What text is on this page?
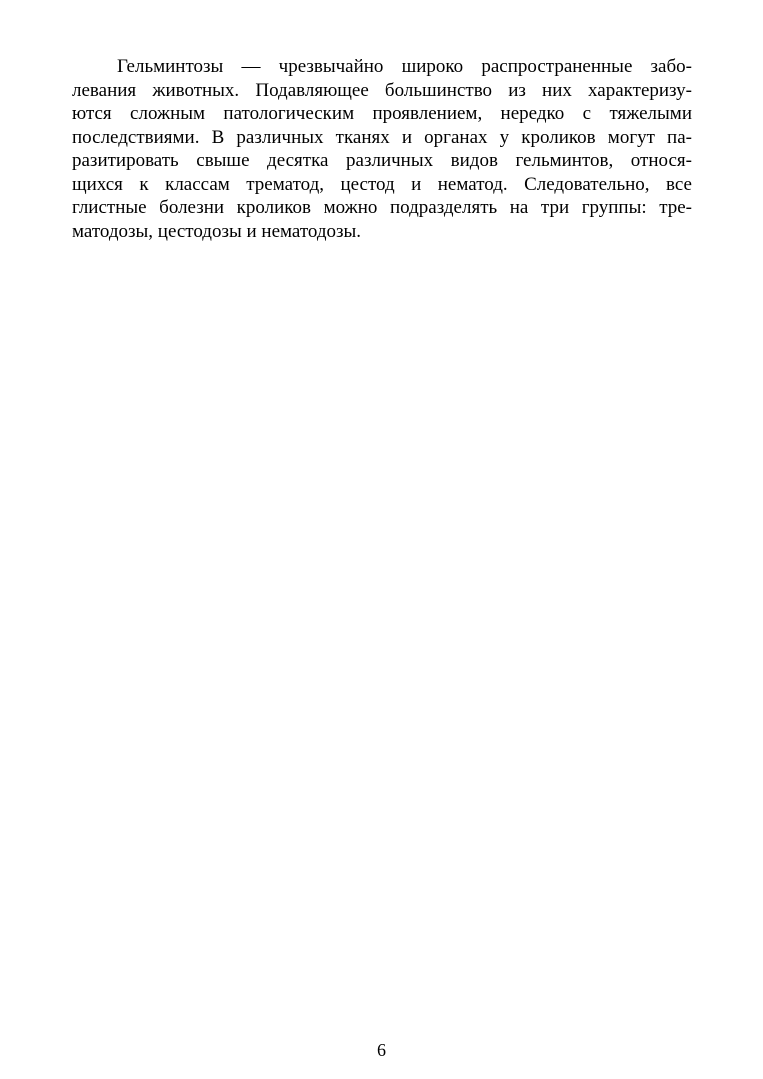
Гельминтозы — чрезвычайно широко распространенные забо-
левания животных. Подавляющее большинство из них характеризу-
ются сложным патологическим проявлением, нередко с тяжелыми
последствиями. В различных тканях и органах у кроликов могут па-
разитировать свыше десятка различных видов гельминтов, относя-
щихся к классам трематод, цестод и нематод. Следовательно, все
глистные болезни кроликов можно подразделять на три группы: тре-
матодозы, цестодозы и нематодозы.
6
